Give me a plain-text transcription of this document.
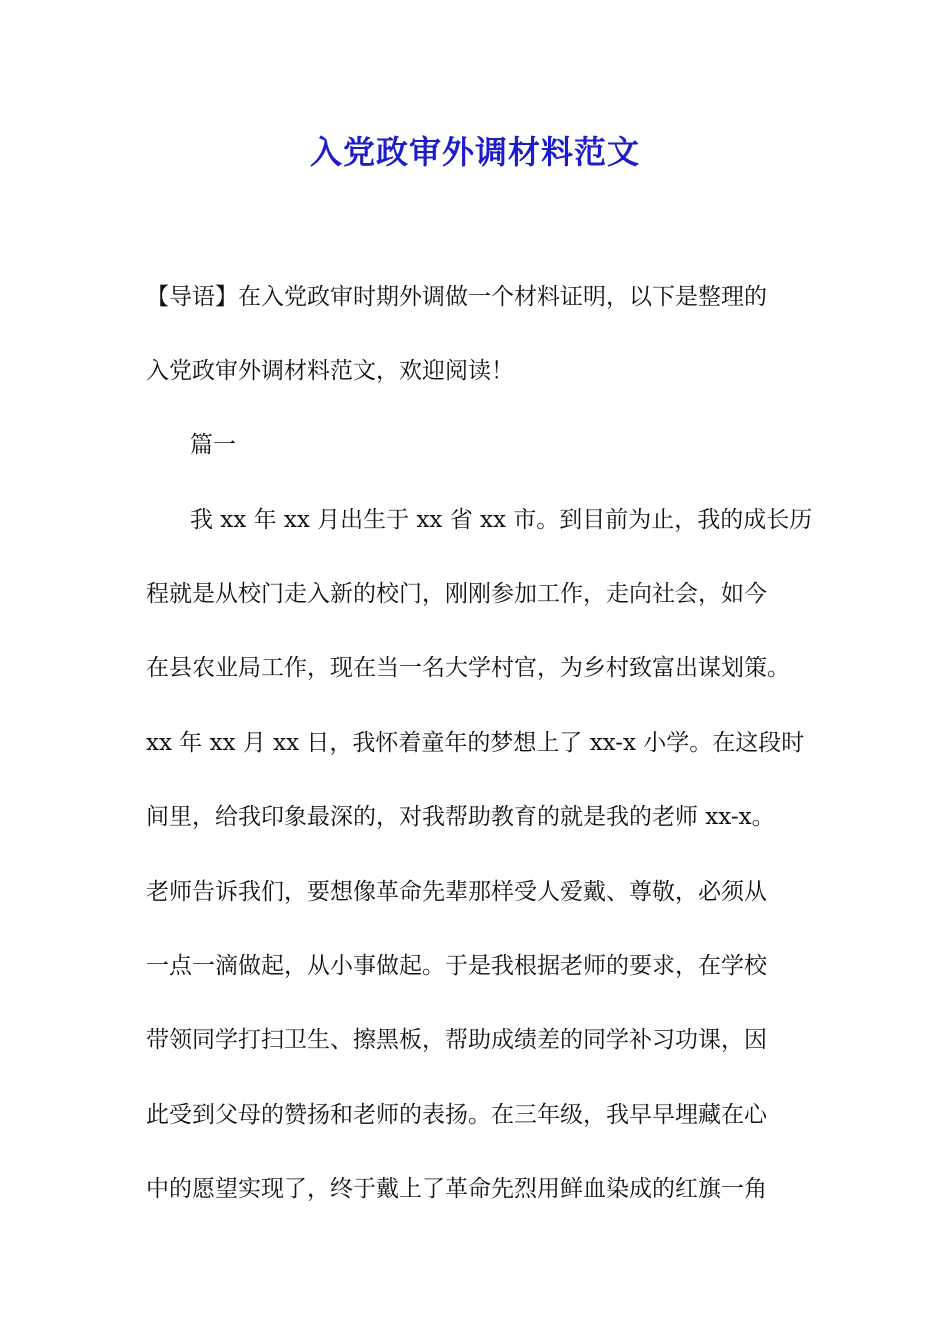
入党政审外调材料范文
【导语】在入党政审时期外调做一个材料证明，以下是整理的
入党政审外调材料范文，欢迎阅读！
篇一
我 xx 年 xx 月出生于 xx 省 xx 市。到目前为止，我的成长历
程就是从校门走入新的校门，刚刚参加工作，走向社会，如今
在县农业局工作，现在当一名大学村官，为乡村致富出谋划策。
xx 年 xx 月 xx 日，我怀着童年的梦想上了 xx-x 小学。在这段时
间里，给我印象最深的，对我帮助教育的就是我的老师 xx-x。
老师告诉我们，要想像革命先辈那样受人爱戴、尊敬，必须从
一点一滴做起，从小事做起。于是我根据老师的要求，在学校
带领同学打扫卫生、擦黑板，帮助成绩差的同学补习功课，因
此受到父母的赞扬和老师的表扬。在三年级，我早早埋藏在心
中的愿望实现了，终于戴上了革命先烈用鲜血染成的红旗一角
